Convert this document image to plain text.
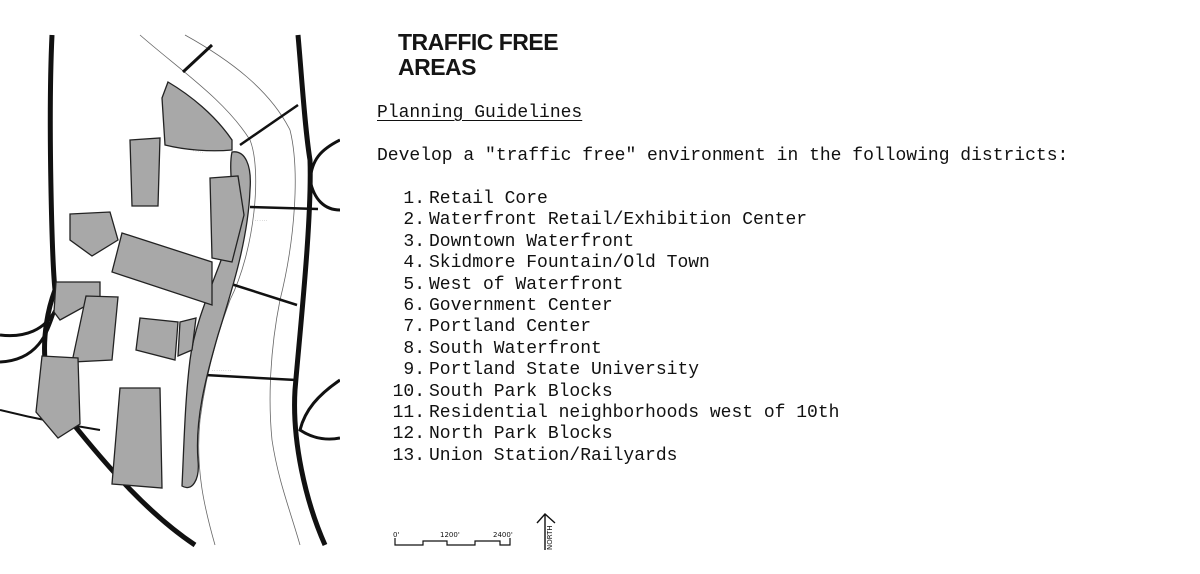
· · · · ·
· · · · · ·
· · · · · ·
· · · · · · · · ·
TRAFFIC FREE
AREAS
Planning Guidelines
Develop a "traffic free" environment in the following districts:
1. Retail Core
2. Waterfront Retail/Exhibition Center
3. Downtown Waterfront
4. Skidmore Fountain/Old Town
5. West of Waterfront
6. Government Center
7. Portland Center
8. South Waterfront
9. Portland State University
10. South Park Blocks
11. Residential neighborhoods west of 10th
12. North Park Blocks
13. Union Station/Railyards
0'	1200'	2400'	NORTH
